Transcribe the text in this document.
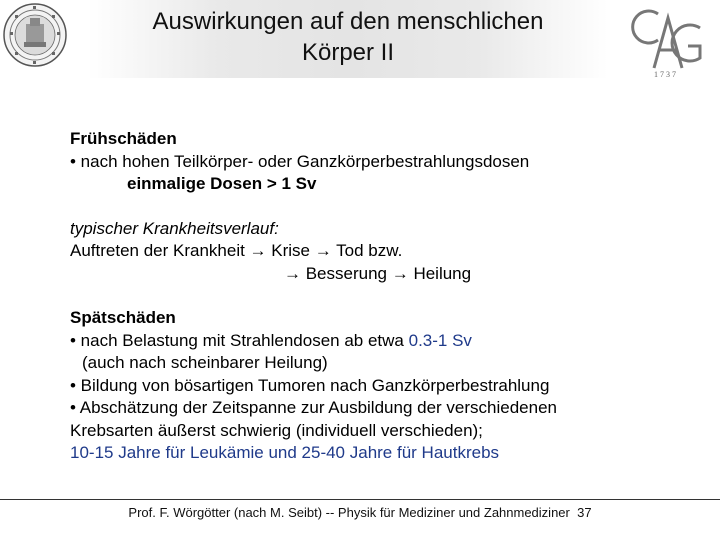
Auswirkungen auf den menschlichen
Körper II
1 7 3 7

Frühschäden

• nach hohen Teilkörper- oder Ganzkörperbestrahlungsdosen

einmalige Dosen > 1 Sv

typischer Krankheitsverlauf:

Auftreten der Krankheit → Krise → Tod bzw.

→ Besserung → Heilung

Spätschäden

• nach Belastung mit Strahlendosen ab etwa 0.3-1 Sv

(auch nach scheinbarer Heilung)

• Bildung von bösartigen Tumoren nach Ganzkörperbestrahlung

• Abschätzung der Zeitspanne zur Ausbildung der verschiedenen

Krebsarten äußerst schwierig (individuell verschieden);

10-15 Jahre für Leukämie und 25-40 Jahre für Hautkrebs

Prof. F. Wörgötter (nach M. Seibt) -- Physik für Mediziner und Zahnmediziner 37
